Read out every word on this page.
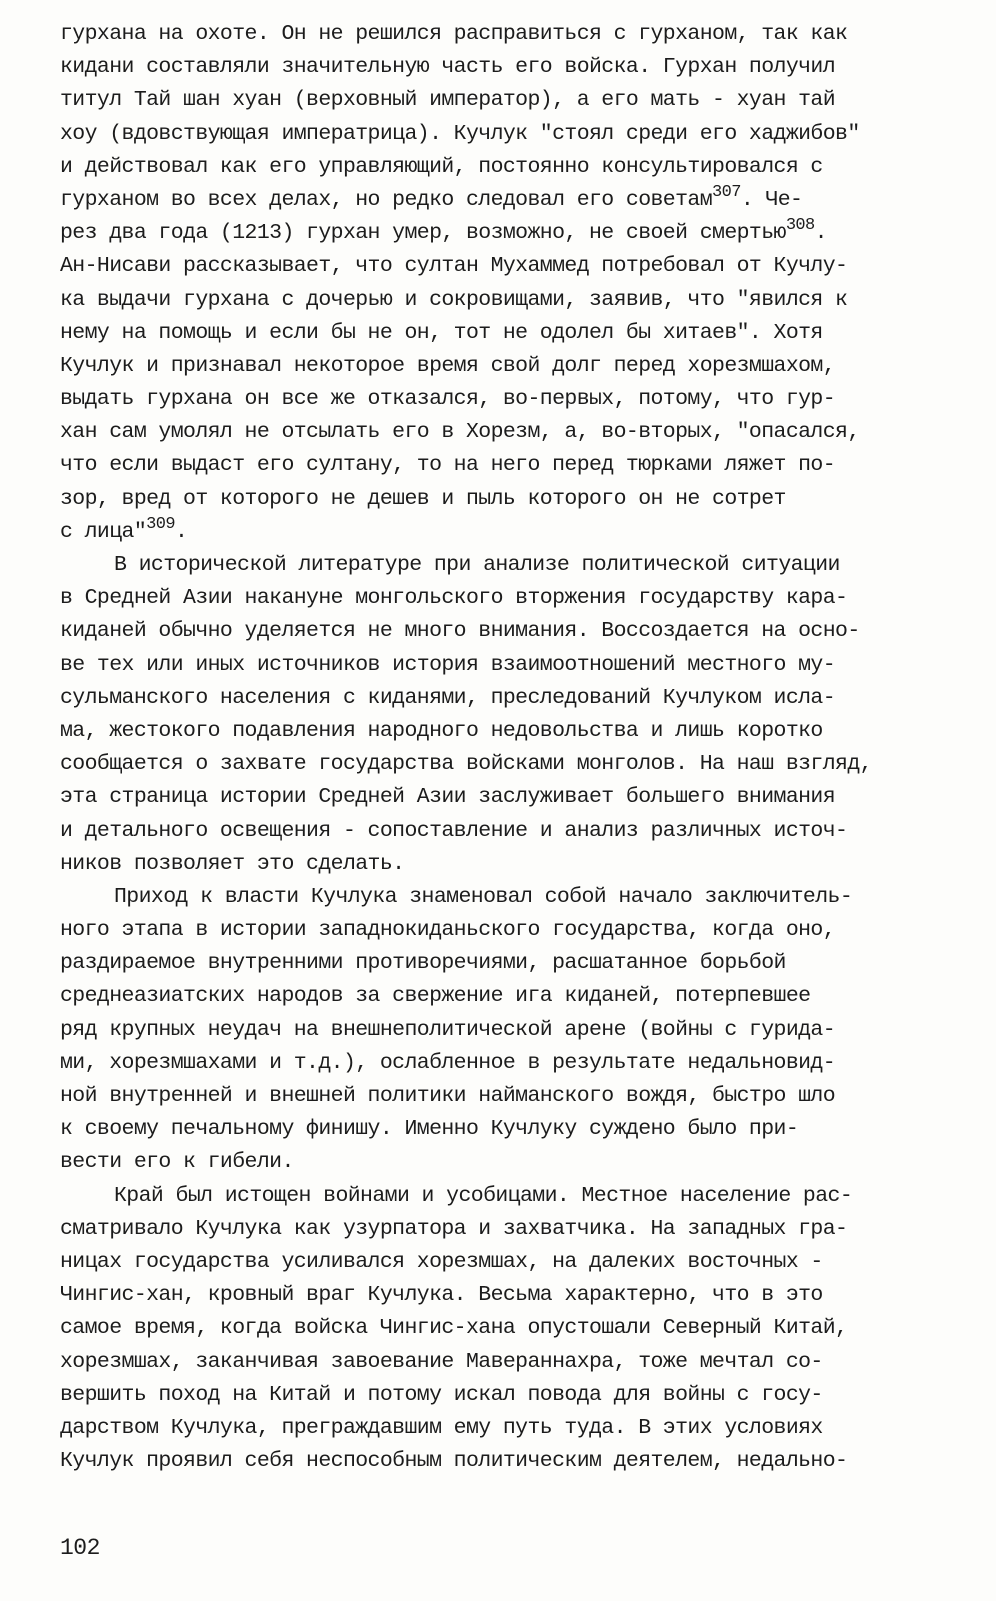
гурхана на охоте. Он не решился расправиться с гурханом, так как
кидани составляли значительную часть его войска. Гурхан получил
титул Тай шан хуан (верховный император), а его мать - хуан тай
хоу (вдовствующая императрица). Кучлук "стоял среди его хаджибов"
и действовал как его управляющий, постоянно консультировался с
гурханом во всех делах, но редко следовал его советам$^{307}$. Че-
рез два года (1213) гурхан умер, возможно, не своей смертью$^{308}$.
Ан-Нисави рассказывает, что султан Мухаммед потребовал от Кучлу-
ка выдачи гурхана с дочерью и сокровищами, заявив, что "явился к
нему на помощь и если бы не он, тот не одолел бы хитаев". Хотя
Кучлук и признавал некоторое время свой долг перед хорезмшахом,
выдать гурхана он все же отказался, во-первых, потому, что гур-
хан сам умолял не отсылать его в Хорезм, а, во-вторых, "опасался,
что если выдаст его султану, то на него перед тюрками ляжет по-
зор, вред от которого не дешев и пыль которого он не сотрет
с лица"$^{309}$.
В исторической литературе при анализе политической ситуации
в Средней Азии накануне монгольского вторжения государству кара-
киданей обычно уделяется не много внимания. Воссоздается на осно-
ве тех или иных источников история взаимоотношений местного му-
сульманского населения с киданями, преследований Кучлуком исла-
ма, жестокого подавления народного недовольства и лишь коротко
сообщается о захвате государства войсками монголов. На наш взгляд,
эта страница истории Средней Азии заслуживает большего внимания
и детального освещения - сопоставление и анализ различных источ-
ников позволяет это сделать.
Приход к власти Кучлука знаменовал собой начало заключитель-
ного этапа в истории западнокиданьского государства, когда оно,
раздираемое внутренними противоречиями, расшатанное борьбой
среднеазиатских народов за свержение ига киданей, потерпевшее
ряд крупных неудач на внешнеполитической арене (войны с гурида-
ми, хорезмшахами и т.д.), ослабленное в результате недальновид-
ной внутренней и внешней политики найманского вождя, быстро шло
к своему печальному финишу. Именно Кучлуку суждено было при-
вести его к гибели.
Край был истощен войнами и усобицами. Местное население рас-
сматривало Кучлука как узурпатора и захватчика. На западных гра-
ницах государства усиливался хорезмшах, на далеких восточных -
Чингис-хан, кровный враг Кучлука. Весьма характерно, что в это
самое время, когда войска Чингис-хана опустошали Северный Китай,
хорезмшах, заканчивая завоевание Мавераннахра, тоже мечтал со-
вершить поход на Китай и потому искал повода для войны с госу-
дарством Кучлука, преграждавшим ему путь туда. В этих условиях
Кучлук проявил себя неспособным политическим деятелем, недально-
102
